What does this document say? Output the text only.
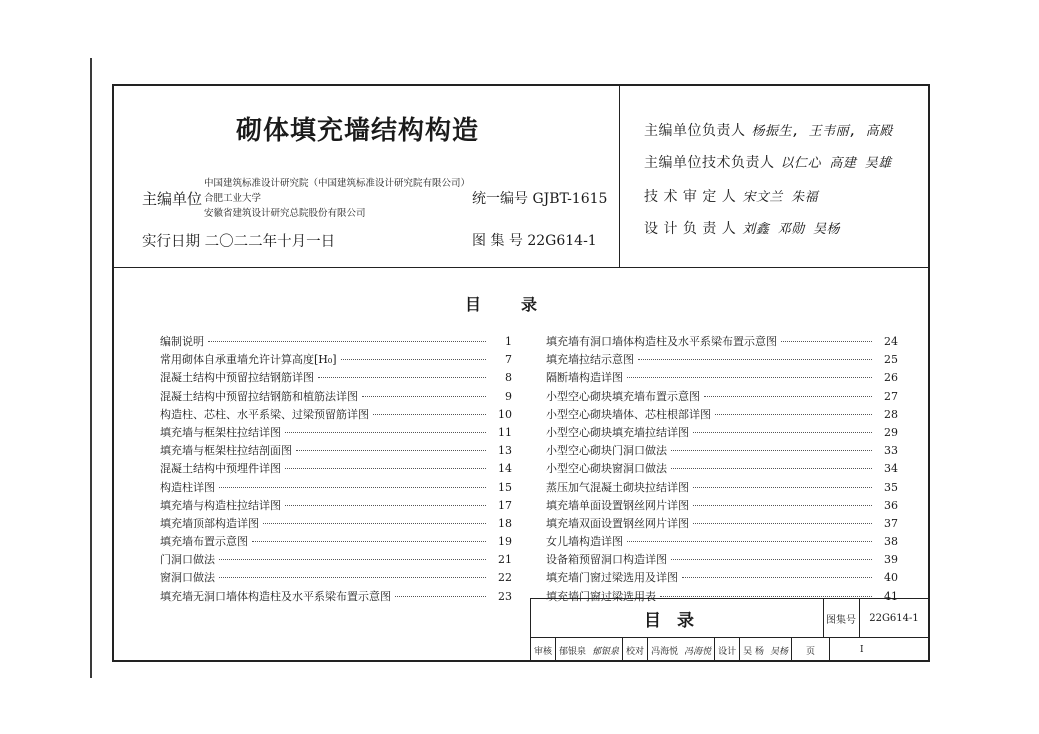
砌体填充墙结构构造
主编单位
中国建筑标准设计研究院（中国建筑标准设计研究院有限公司）
合肥工业大学
安徽省建筑设计研究总院股份有限公司
实行日期 二〇二二年十月一日
统一编号 GJBT-1615
图 集 号 22G614-1
主编单位负责人 杨振生, 王韦丽, 高殿
主编单位技术负责人 以仁心 高建 吴雄
技 术 审 定 人 宋文兰 朱福
设 计 负 责 人 刘鑫 邓勋 吴杨
目录
编制说明	1
常用砌体自承重墙允许计算高度[H₀]	7
混凝土结构中预留拉结钢筋详图	8
混凝土结构中预留拉结钢筋和植筋法详图	9
构造柱、芯柱、水平系梁、过梁预留筋详图	10
填充墙与框架柱拉结详图	11
填充墙与框架柱拉结剖面图	13
混凝土结构中预埋件详图	14
构造柱详图	15
填充墙与构造柱拉结详图	17
填充墙顶部构造详图	18
填充墙布置示意图	19
门洞口做法	21
窗洞口做法	22
填充墙无洞口墙体构造柱及水平系梁布置示意图	23
填充墙有洞口墙体构造柱及水平系梁布置示意图	24
填充墙拉结示意图	25
隔断墙构造详图	26
小型空心砌块填充墙布置示意图	27
小型空心砌块墙体、芯柱根部详图	28
小型空心砌块填充墙拉结详图	29
小型空心砌块门洞口做法	33
小型空心砌块窗洞口做法	34
蒸压加气混凝土砌块拉结详图	35
填充墙单面设置钢丝网片详图	36
填充墙双面设置钢丝网片详图	37
女儿墙构造详图	38
设备箱预留洞口构造详图	39
填充墙门窗过梁选用及详图	40
填充墙门窗过梁选用表	41
目录	图集号	22G614-1
审核 郁银泉 郁银泉 校对 冯海悦 冯海悦 设计 吴 杨 吴杨	页	I
